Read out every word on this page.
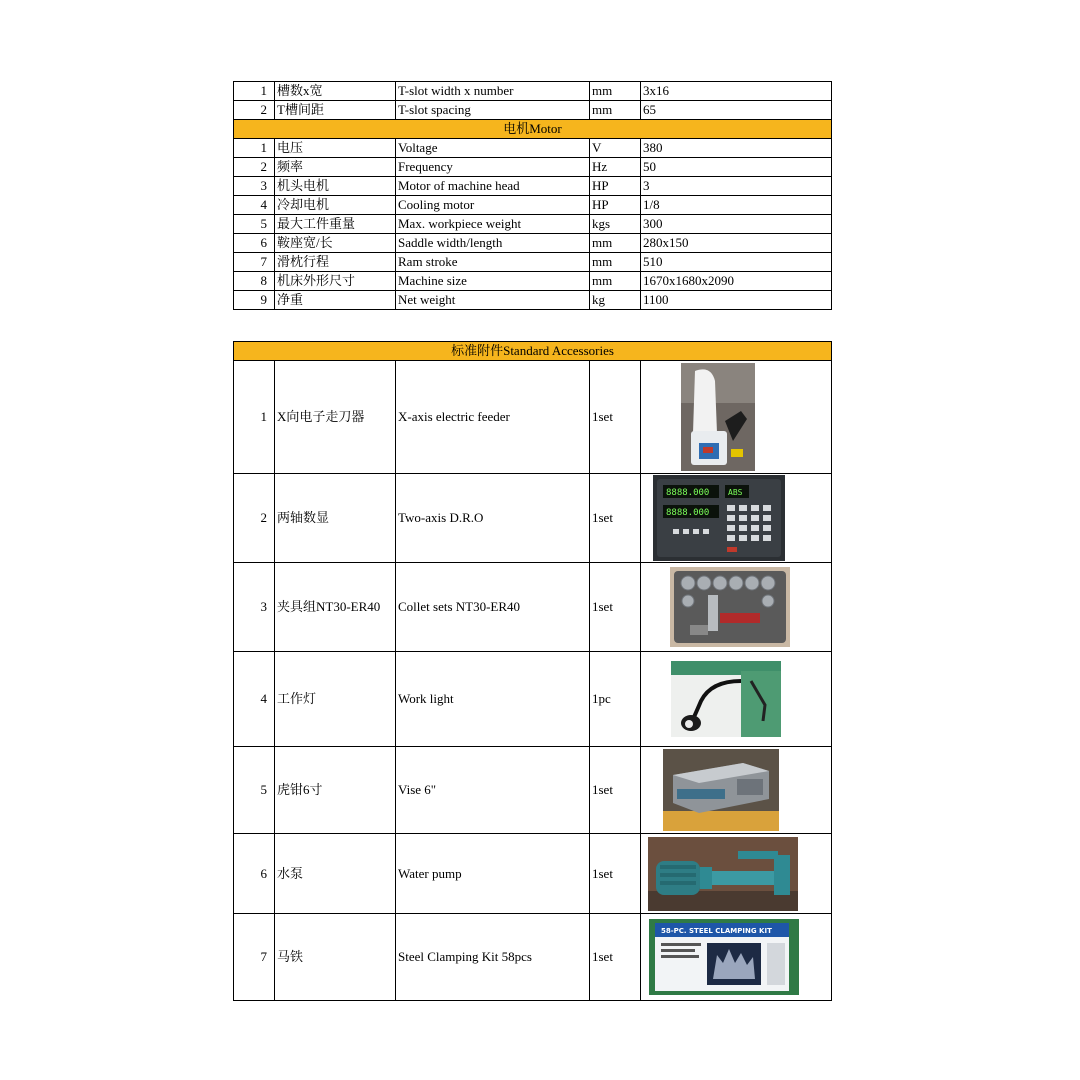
1	槽数x宽	T-slot width x number	mm	3x16
2	T槽间距	T-slot spacing	mm	65
电机Motor				
1	电压	Voltage	V	380
2	频率	Frequency	Hz	50
3	机头电机	Motor of machine head	HP	3
4	冷却电机	Cooling motor	HP	1/8
5	最大工件重量	Max. workpiece weight	kgs	300
6	鞍座宽/长	Saddle width/length	mm	280x150
7	滑枕行程	Ram stroke	mm	510
8	机床外形尺寸	Machine size	mm	1670x1680x2090
9	净重	Net weight	kg	1100
标准附件Standard Accessories				
1	X向电子走刀器	X-axis electric feeder	1set	

2	两轴数显	Two-axis D.R.O	1set	8888.000
8888.000
ABS

3	夹具组NT30-ER40	Collet sets NT30-ER40	1set	

4	工作灯	Work light	1pc	

5	虎钳6寸	Vise 6"	1set	

6	水泵	Water pump	1set	

7	马铁	Steel Clamping Kit 58pcs	1set	58-PC. STEEL CLAMPING KIT
